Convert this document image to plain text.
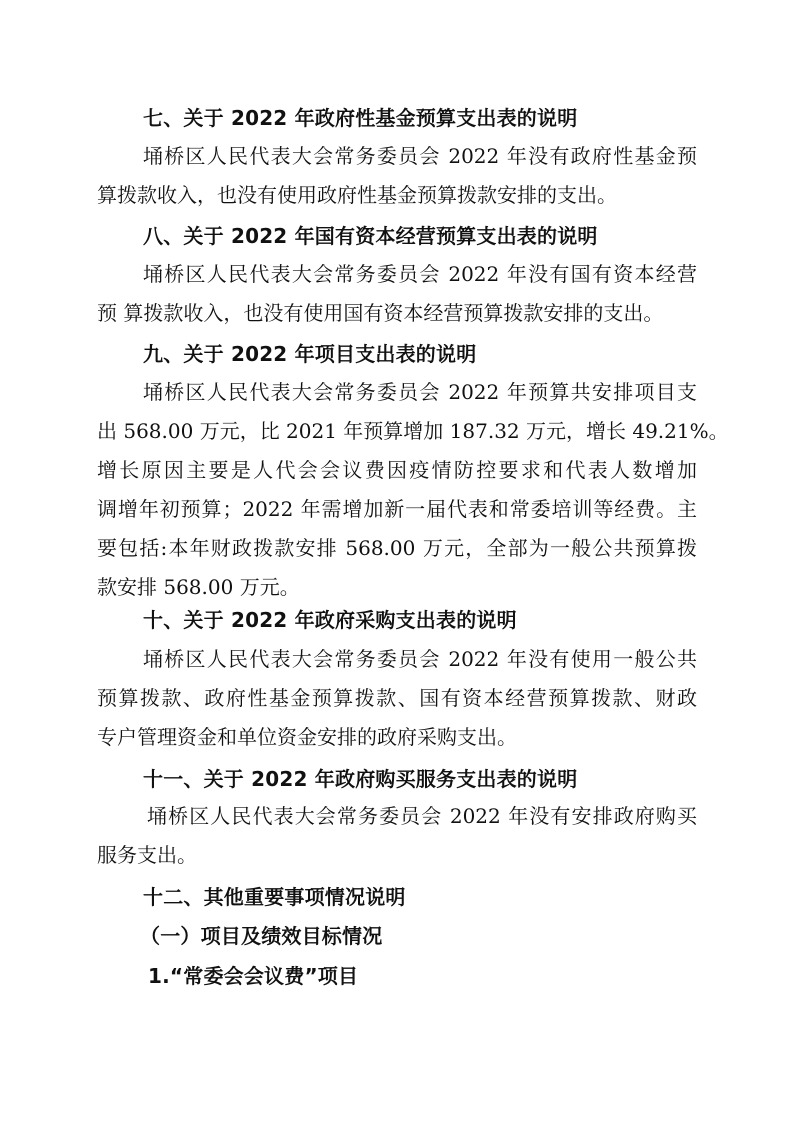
七、关于 2022 年政府性基金预算支出表的说明
埇桥区人民代表大会常务委员会 2022 年没有政府性基金预
算拨款收入，也没有使用政府性基金预算拨款安排的支出。
八、关于 2022 年国有资本经营预算支出表的说明
埇桥区人民代表大会常务委员会 2022 年没有国有资本经营
预 算拨款收入，也没有使用国有资本经营预算拨款安排的支出。
九、关于 2022 年项目支出表的说明
埇桥区人民代表大会常务委员会 2022 年预算共安排项目支
出 568.00 万元，比 2021 年预算增加 187.32 万元，增长 49.21%。
增长原因主要是人代会会议费因疫情防控要求和代表人数增加
调增年初预算；2022 年需增加新一届代表和常委培训等经费。主
要包括:本年财政拨款安排 568.00 万元，全部为一般公共预算拨
款安排 568.00 万元。
十、关于 2022 年政府采购支出表的说明
埇桥区人民代表大会常务委员会 2022 年没有使用一般公共
预算拨款、政府性基金预算拨款、国有资本经营预算拨款、财政
专户管理资金和单位资金安排的政府采购支出。
十一、关于 2022 年政府购买服务支出表的说明
埇桥区人民代表大会常务委员会 2022 年没有安排政府购买
服务支出。
十二、其他重要事项情况说明
（一）项目及绩效目标情况
1.“常委会会议费”项目
